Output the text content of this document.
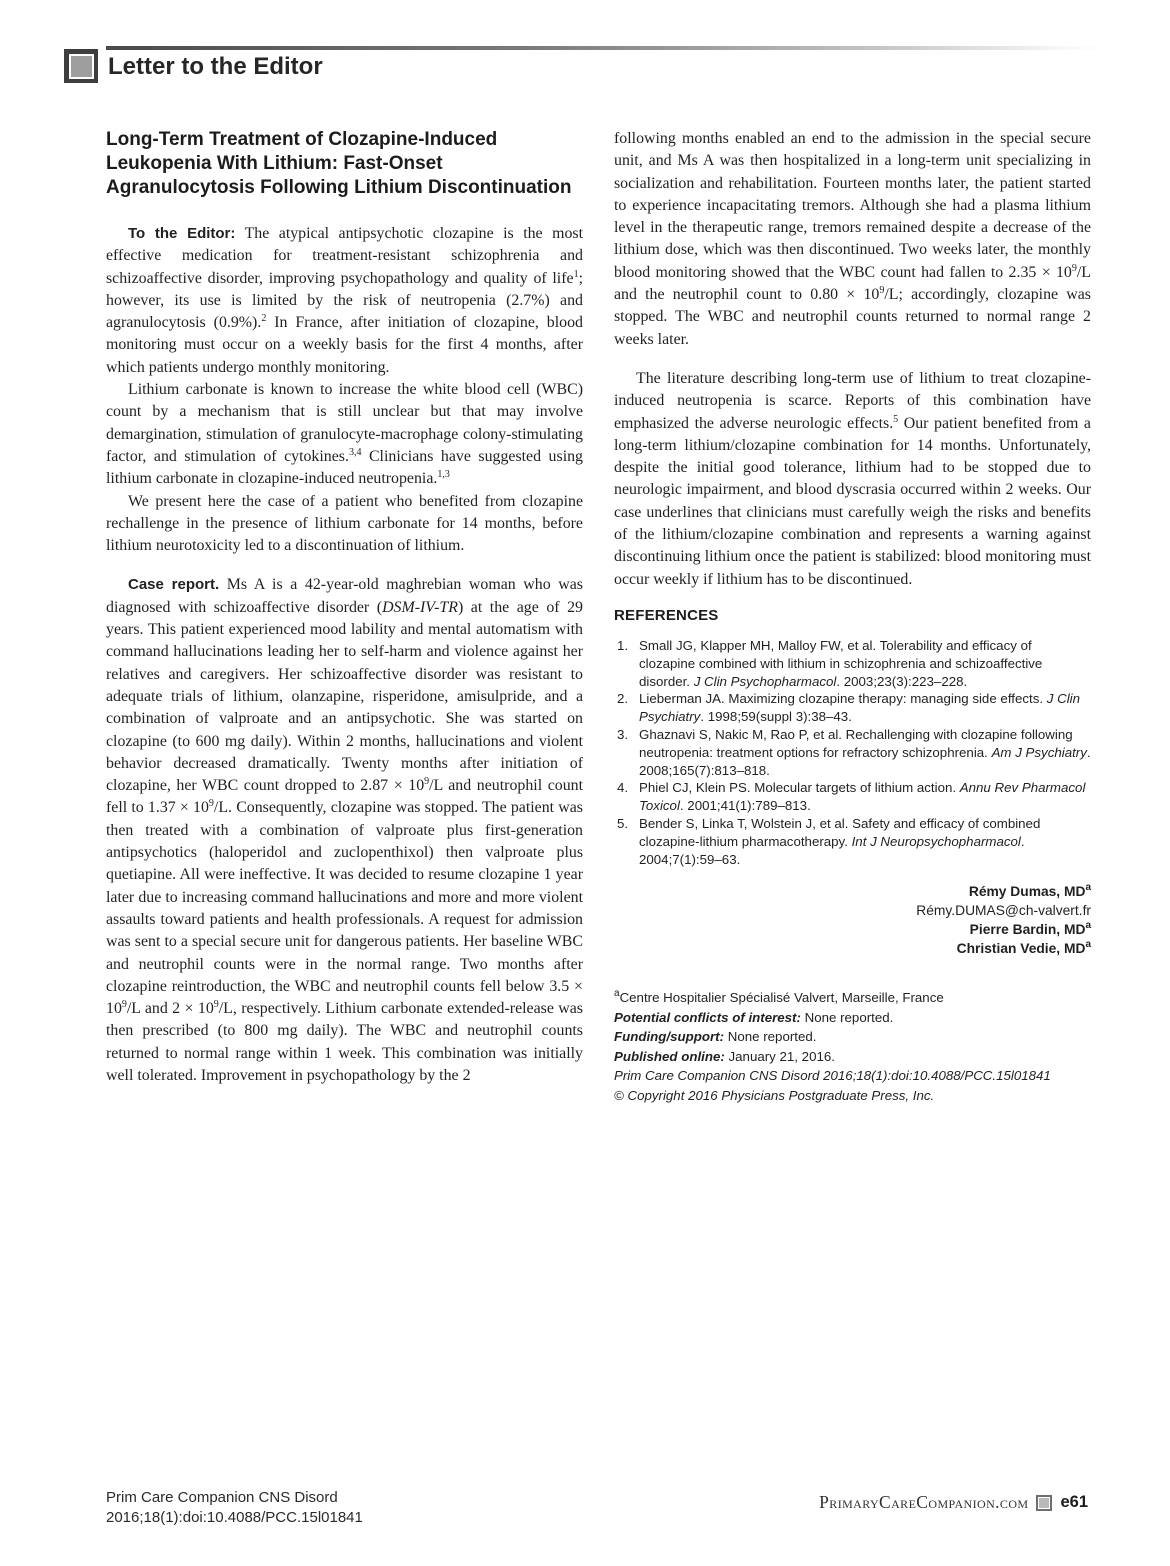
Letter to the Editor
Long-Term Treatment of Clozapine-Induced
Leukopenia With Lithium: Fast-Onset
Agranulocytosis Following Lithium Discontinuation

To the Editor: The atypical antipsychotic clozapine is the most effective medication for treatment-resistant schizophrenia and schizoaffective disorder, improving psychopathology and quality of life$^1$; however, its use is limited by the risk of neutropenia (2.7%) and agranulocytosis (0.9%).$^2$ In France, after initiation of clozapine, blood monitoring must occur on a weekly basis for the first 4 months, after which patients undergo monthly monitoring.

Lithium carbonate is known to increase the white blood cell (WBC) count by a mechanism that is still unclear but that may involve demargination, stimulation of granulocyte-macrophage colony-stimulating factor, and stimulation of cytokines.$^{3,4}$ Clinicians have suggested using lithium carbonate in clozapine-induced neutropenia.$^{1,3}$

We present here the case of a patient who benefited from clozapine rechallenge in the presence of lithium carbonate for 14 months, before lithium neurotoxicity led to a discontinuation of lithium.

Case report. Ms A is a 42-year-old maghrebian woman who was diagnosed with schizoaffective disorder (DSM-IV-TR) at the age of 29 years. This patient experienced mood lability and mental automatism with command hallucinations leading her to self-harm and violence against her relatives and caregivers. Her schizoaffective disorder was resistant to adequate trials of lithium, olanzapine, risperidone, amisulpride, and a combination of valproate and an antipsychotic. She was started on clozapine (to 600 mg daily). Within 2 months, hallucinations and violent behavior decreased dramatically. Twenty months after initiation of clozapine, her WBC count dropped to $2.87 \times 10^9/L$ and neutrophil count fell to $1.37 \times 10^9/L$. Consequently, clozapine was stopped. The patient was then treated with a combination of valproate plus first-generation antipsychotics (haloperidol and zuclopenthixol) then valproate plus quetiapine. All were ineffective. It was decided to resume clozapine 1 year later due to increasing command hallucinations and more and more violent assaults toward patients and health professionals. A request for admission was sent to a special secure unit for dangerous patients. Her baseline WBC and neutrophil counts were in the normal range. Two months after clozapine reintroduction, the WBC and neutrophil counts fell below $3.5 \times 10^9/L$ and $2 \times 10^9/L$, respectively. Lithium carbonate extended-release was then prescribed (to 800 mg daily). The WBC and neutrophil counts returned to normal range within 1 week. This combination was initially well tolerated. Improvement in psychopathology by the 2

following months enabled an end to the admission in the special secure unit, and Ms A was then hospitalized in a long-term unit specializing in socialization and rehabilitation. Fourteen months later, the patient started to experience incapacitating tremors. Although she had a plasma lithium level in the therapeutic range, tremors remained despite a decrease of the lithium dose, which was then discontinued. Two weeks later, the monthly blood monitoring showed that the WBC count had fallen to $2.35 \times 10^9/L$ and the neutrophil count to $0.80 \times 10^9/L$; accordingly, clozapine was stopped. The WBC and neutrophil counts returned to normal range 2 weeks later.

The literature describing long-term use of lithium to treat clozapine-induced neutropenia is scarce. Reports of this combination have emphasized the adverse neurologic effects.$^5$ Our patient benefited from a long-term lithium/clozapine combination for 14 months. Unfortunately, despite the initial good tolerance, lithium had to be stopped due to neurologic impairment, and blood dyscrasia occurred within 2 weeks. Our case underlines that clinicians must carefully weigh the risks and benefits of the lithium/clozapine combination and represents a warning against discontinuing lithium once the patient is stabilized: blood monitoring must occur weekly if lithium has to be discontinued.

REFERENCES
1. Small JG, Klapper MH, Malloy FW, et al. Tolerability and efficacy of clozapine combined with lithium in schizophrenia and schizoaffective disorder. J Clin Psychopharmacol. 2003;23(3):223–228.
2. Lieberman JA. Maximizing clozapine therapy: managing side effects. J Clin Psychiatry. 1998;59(suppl 3):38–43.
3. Ghaznavi S, Nakic M, Rao P, et al. Rechallenging with clozapine following neutropenia: treatment options for refractory schizophrenia. Am J Psychiatry. 2008;165(7):813–818.
4. Phiel CJ, Klein PS. Molecular targets of lithium action. Annu Rev Pharmacol Toxicol. 2001;41(1):789–813.
5. Bender S, Linka T, Wolstein J, et al. Safety and efficacy of combined clozapine-lithium pharmacotherapy. Int J Neuropsychopharmacol. 2004;7(1):59–63.
Rémy Dumas, $MD^a$
Rémy.DUMAS@ch-valvert.fr
Pierre Bardin, $MD^a$
Christian Vedie, $MD^a$
$^a$Centre Hospitalier Spécialisé Valvert, Marseille, France
Potential conflicts of interest: None reported.
Funding/support: None reported.
Published online: January 21, 2016.
Prim Care Companion CNS Disord 2016;18(1):doi:10.4088/PCC.15l01841
© Copyright 2016 Physicians Postgraduate Press, Inc.
Prim Care Companion CNS Disord
2016;18(1):doi:10.4088/PCC.15l01841
PrimaryCareCompanion.com e61
